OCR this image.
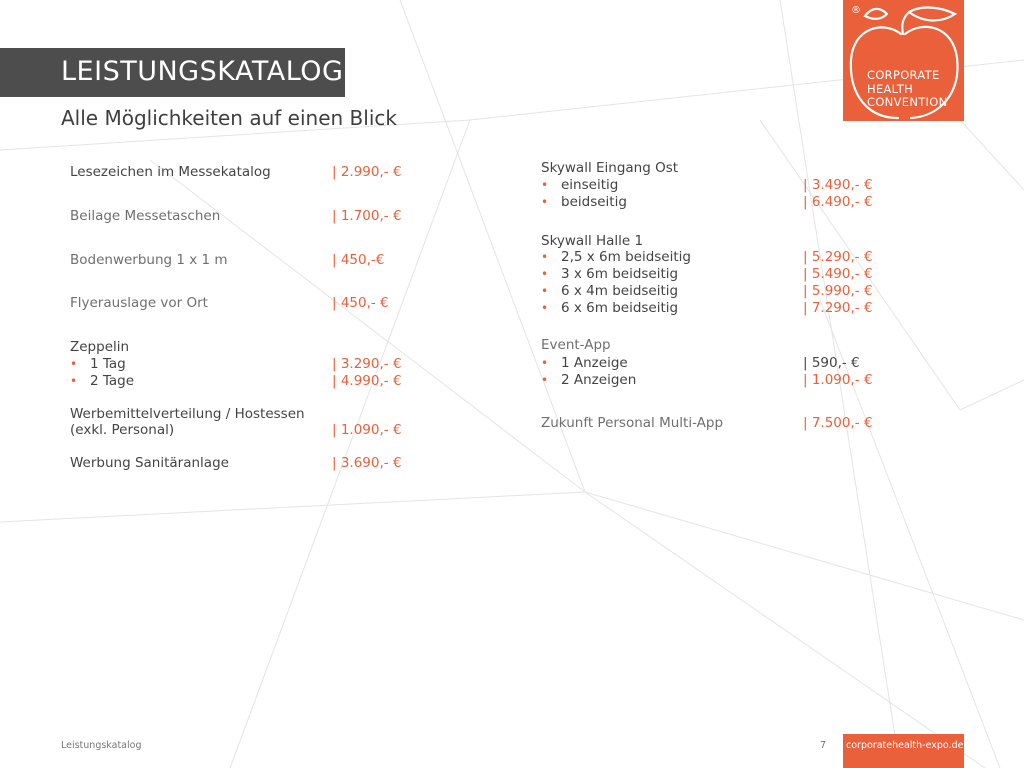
LEISTUNGSKATALOG
Alle Möglichkeiten auf einen Blick
®
CORPORATE
HEALTH
CONVENTION
Lesezeichen im Messekatalog	| 2.990,- €
Beilage Messetaschen	| 1.700,- €
Bodenwerbung 1 x 1 m	| 450,-€
Flyerauslage vor Ort	| 450,- €
Zeppelin
• 1 Tag	| 3.290,- €
• 2 Tage	| 4.990,- €
Werbemittelverteilung / Hostessen
(exkl. Personal)	| 1.090,- €
Werbung Sanitäranlage	| 3.690,- €
Skywall Eingang Ost
• einseitig	| 3.490,- €
• beidseitig	| 6.490,- €
Skywall Halle 1
• 2,5 x 6m beidseitig	| 5.290,- €
• 3 x 6m beidseitig	| 5.490,- €
• 6 x 4m beidseitig	| 5.990,- €
• 6 x 6m beidseitig	| 7.290,- €
Event-App
• 1 Anzeige	| 590,- €
• 2 Anzeigen	| 1.090,- €
Zukunft Personal Multi-App	| 7.500,- €
Leistungskatalog	7 corporatehealth-expo.de
